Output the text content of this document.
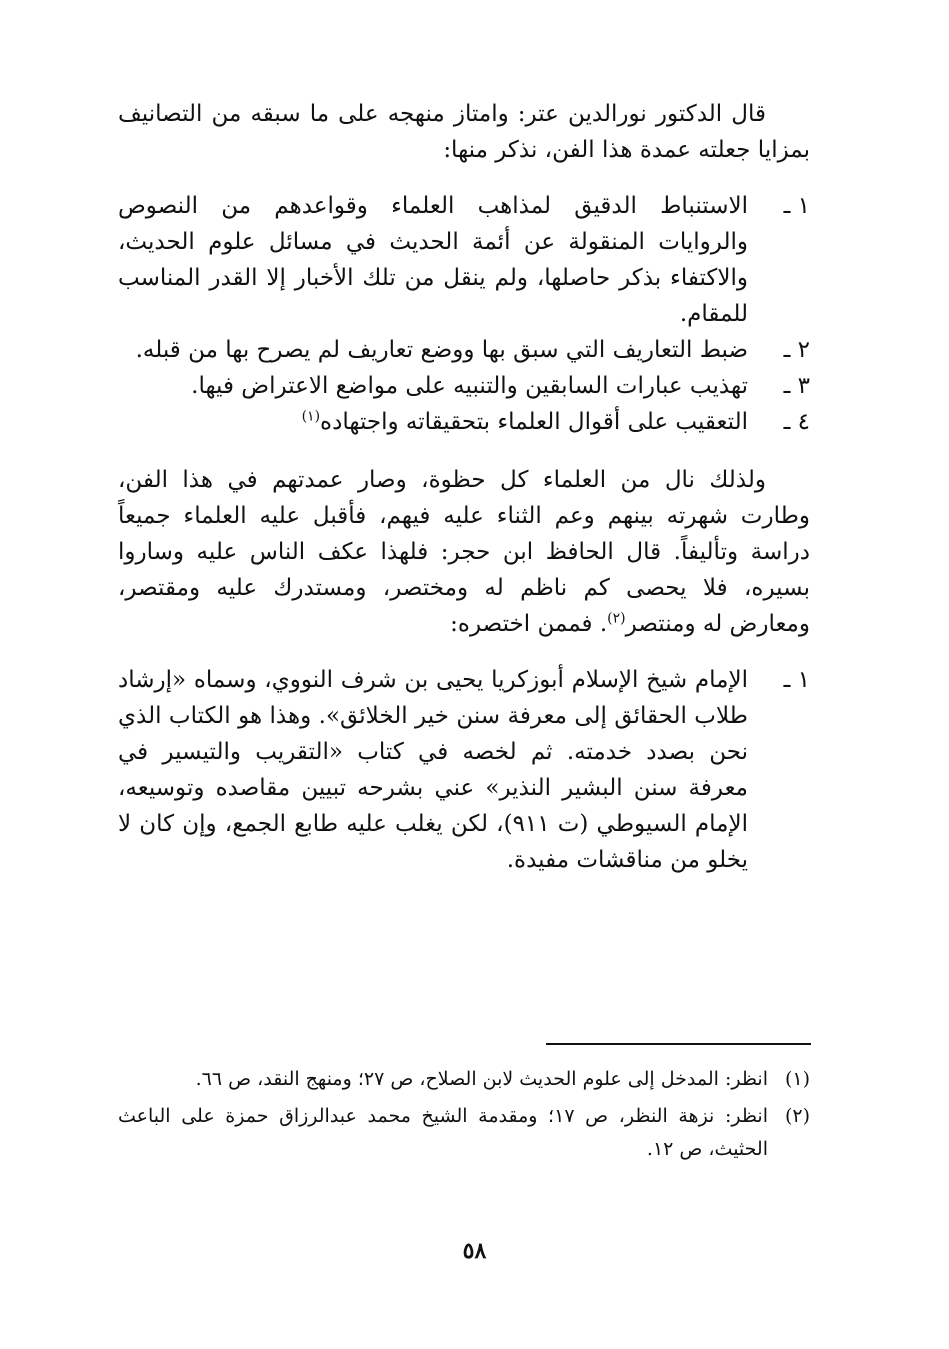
قال الدكتور نورالدين عتر: وامتاز منهجه على ما سبقه من التصانيف بمزايا جعلته عمدة هذا الفن، نذكر منها:

١ ـ
الاستنباط الدقيق لمذاهب العلماء وقواعدهم من النصوص والروايات المنقولة عن أئمة الحديث في مسائل علوم الحديث، والاكتفاء بذكر حاصلها، ولم ينقل من تلك الأخبار إلا القدر المناسب للمقام.
٢ ـ
ضبط التعاريف التي سبق بها ووضع تعاريف لم يصرح بها من قبله.
٣ ـ
تهذيب عبارات السابقين والتنبيه على مواضع الاعتراض فيها.
٤ ـ
التعقيب على أقوال العلماء بتحقيقاته واجتهاده$^{(١)}$

ولذلك نال من العلماء كل حظوة، وصار عمدتهم في هذا الفن، وطارت شهرته بينهم وعم الثناء عليه فيهم، فأقبل عليه العلماء جميعاً دراسة وتأليفاً. قال الحافظ ابن حجر: فلهذا عكف الناس عليه وساروا بسيره، فلا يحصى كم ناظم له ومختصر، ومستدرك عليه ومقتصر، ومعارض له ومنتصر$^{(٢)}$. فممن اختصره:

١ ـ
الإمام شيخ الإسلام أبوزكريا يحيى بن شرف النووي، وسماه «إرشاد طلاب الحقائق إلى معرفة سنن خير الخلائق». وهذا هو الكتاب الذي نحن بصدد خدمته. ثم لخصه في كتاب «التقريب والتيسير في معرفة سنن البشير النذير» عني بشرحه تبيين مقاصده وتوسيعه، الإمام السيوطي (ت ٩١١)، لكن يغلب عليه طابع الجمع، وإن كان لا يخلو من مناقشات مفيدة.

(١)
انظر: المدخل إلى علوم الحديث لابن الصلاح، ص ٢٧؛ ومنهج النقد، ص ٦٦.

(٢)
انظر: نزهة النظر، ص ١٧؛ ومقدمة الشيخ محمد عبدالرزاق حمزة على الباعث الحثيث، ص ١٢.

٥٨
